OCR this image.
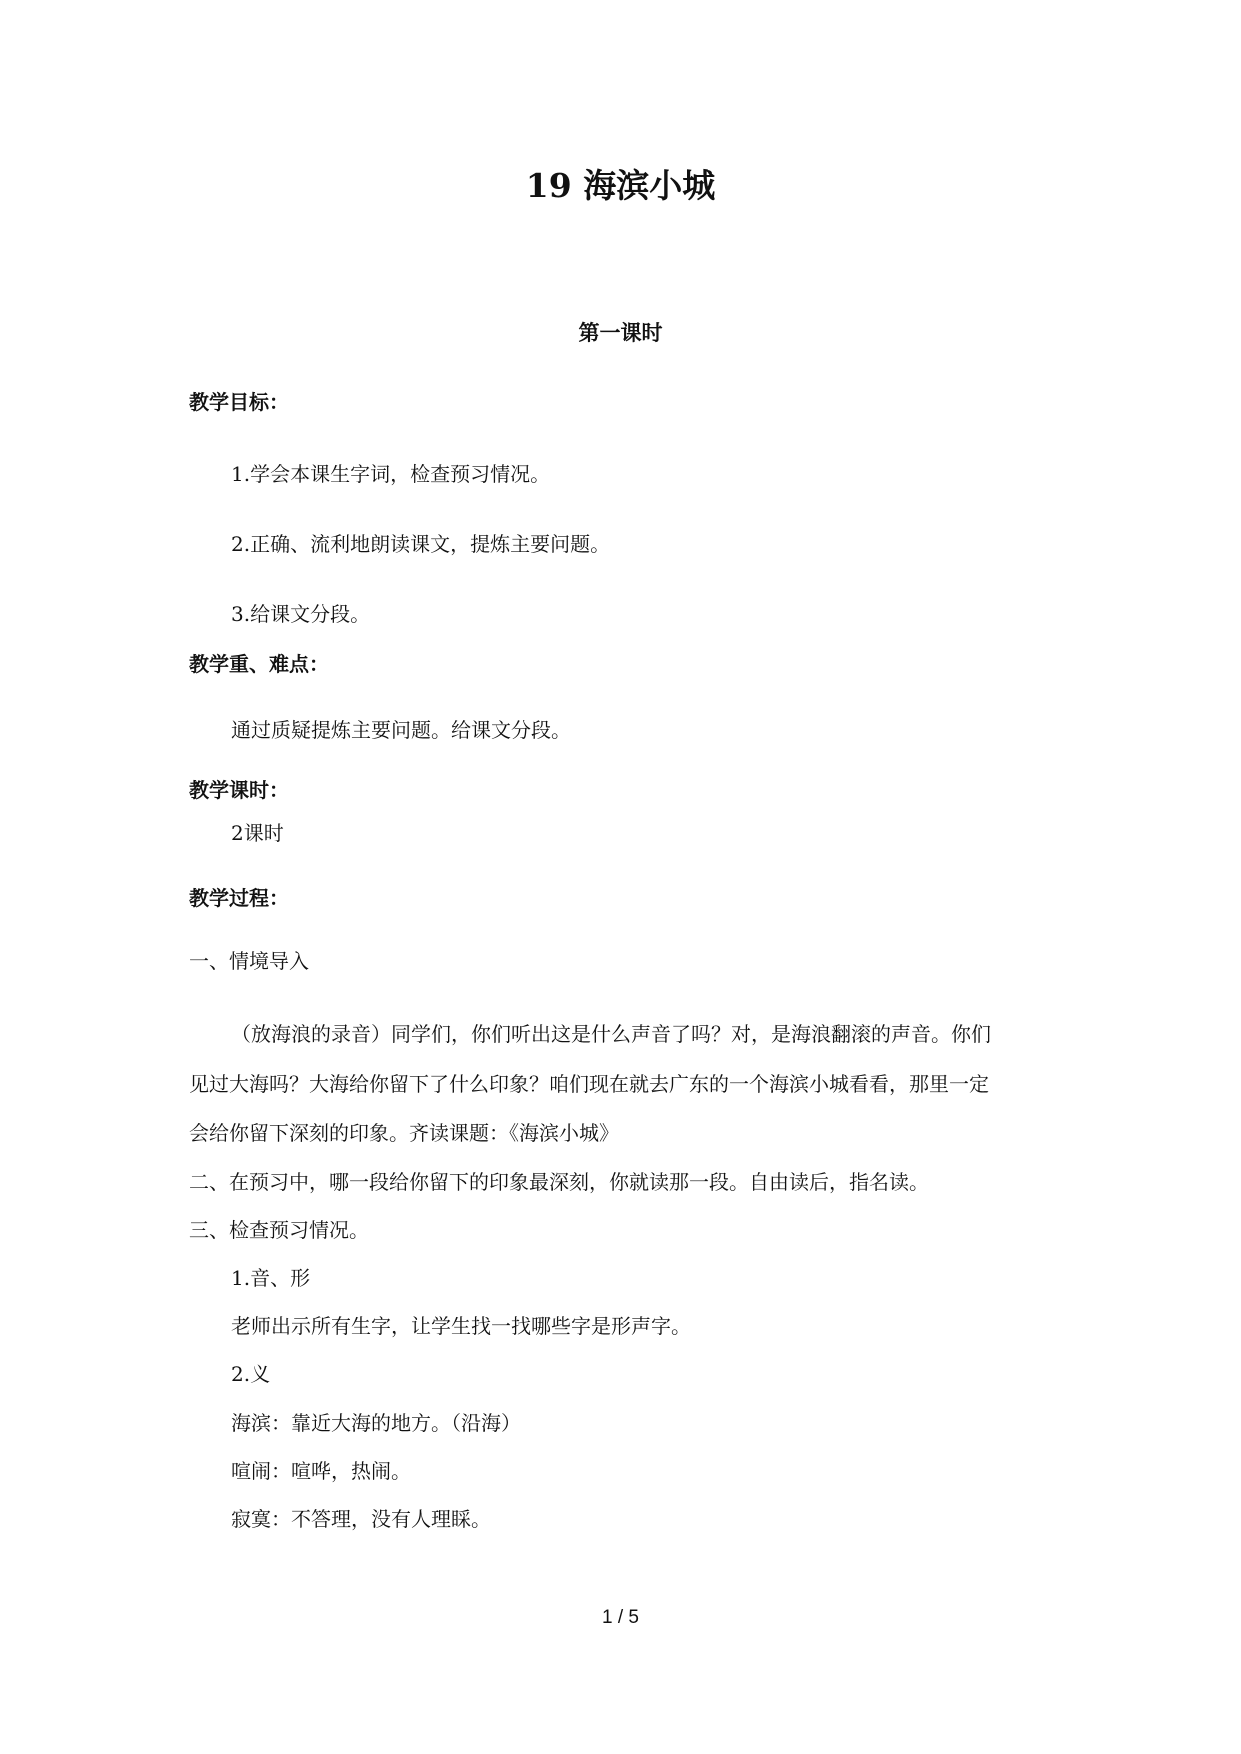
19 海滨小城
第一课时
教学目标：
1.学会本课生字词，检查预习情况。
2.正确、流利地朗读课文，提炼主要问题。
3.给课文分段。
教学重、难点：
通过质疑提炼主要问题。给课文分段。
教学课时：
2课时
教学过程：
一、情境导入
（放海浪的录音）同学们，你们听出这是什么声音了吗？对，是海浪翻滚的声音。你们
见过大海吗？大海给你留下了什么印象？咱们现在就去广东的一个海滨小城看看，那里一定
会给你留下深刻的印象。齐读课题：《海滨小城》
二、在预习中，哪一段给你留下的印象最深刻，你就读那一段。自由读后，指名读。
三、检查预习情况。
1.音、形
老师出示所有生字，让学生找一找哪些字是形声字。
2.义
海滨：靠近大海的地方。（沿海）
喧闹：喧哗，热闹。
寂寞：不答理，没有人理睬。
1 / 5
